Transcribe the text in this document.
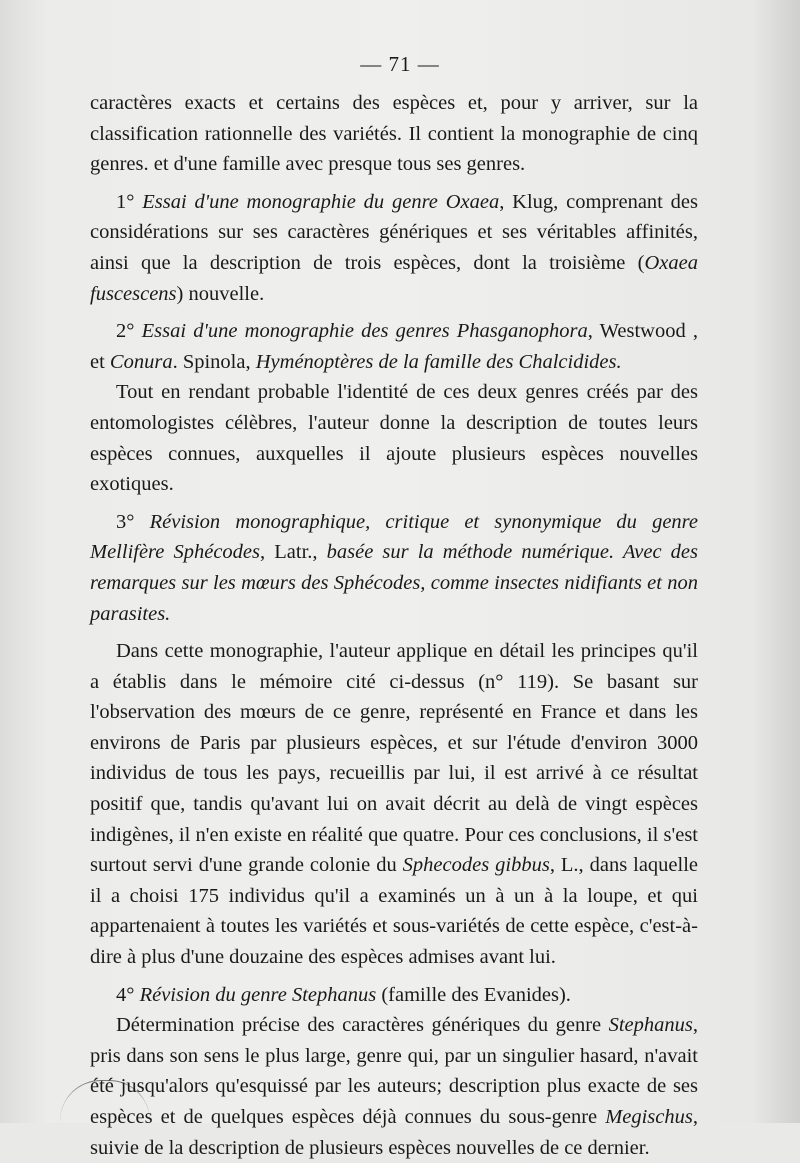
— 71 —

caractères exacts et certains des espèces et, pour y arriver, sur la classification rationnelle des variétés. Il contient la monographie de cinq genres. et d'une famille avec presque tous ses genres.

1° Essai d'une monographie du genre Oxaea, Klug, comprenant des considérations sur ses caractères génériques et ses véritables affinités, ainsi que la description de trois espèces, dont la troisième (Oxaea fuscescens) nouvelle.

2° Essai d'une monographie des genres Phasganophora, Westwood , et Conura. Spinola, Hyménoptères de la famille des Chalcidides.

Tout en rendant probable l'identité de ces deux genres créés par des entomologistes célèbres, l'auteur donne la description de toutes leurs espèces connues, auxquelles il ajoute plusieurs espèces nouvelles exotiques.

3° Révision monographique, critique et synonymique du genre Mellifère Sphécodes, Latr., basée sur la méthode numérique. Avec des remarques sur les mœurs des Sphécodes, comme insectes nidifiants et non parasites.

Dans cette monographie, l'auteur applique en détail les principes qu'il a établis dans le mémoire cité ci-dessus (n° 119). Se basant sur l'observation des mœurs de ce genre, représenté en France et dans les environs de Paris par plusieurs espèces, et sur l'étude d'environ 3000 individus de tous les pays, recueillis par lui, il est arrivé à ce résultat positif que, tandis qu'avant lui on avait décrit au delà de vingt espèces indigènes, il n'en existe en réalité que quatre. Pour ces conclusions, il s'est surtout servi d'une grande colonie du Sphecodes gibbus, L., dans laquelle il a choisi 175 individus qu'il a examinés un à un à la loupe, et qui appartenaient à toutes les variétés et sous-variétés de cette espèce, c'est-à-dire à plus d'une douzaine des espèces admises avant lui.

4° Révision du genre Stephanus (famille des Evanides).

Détermination précise des caractères génériques du genre Stephanus, pris dans son sens le plus large, genre qui, par un singulier hasard, n'avait été jusqu'alors qu'esquissé par les auteurs; description plus exacte de ses espèces et de quelques espèces déjà connues du sous-genre Megischus, suivie de la description de plusieurs espèces nouvelles de ce dernier.
